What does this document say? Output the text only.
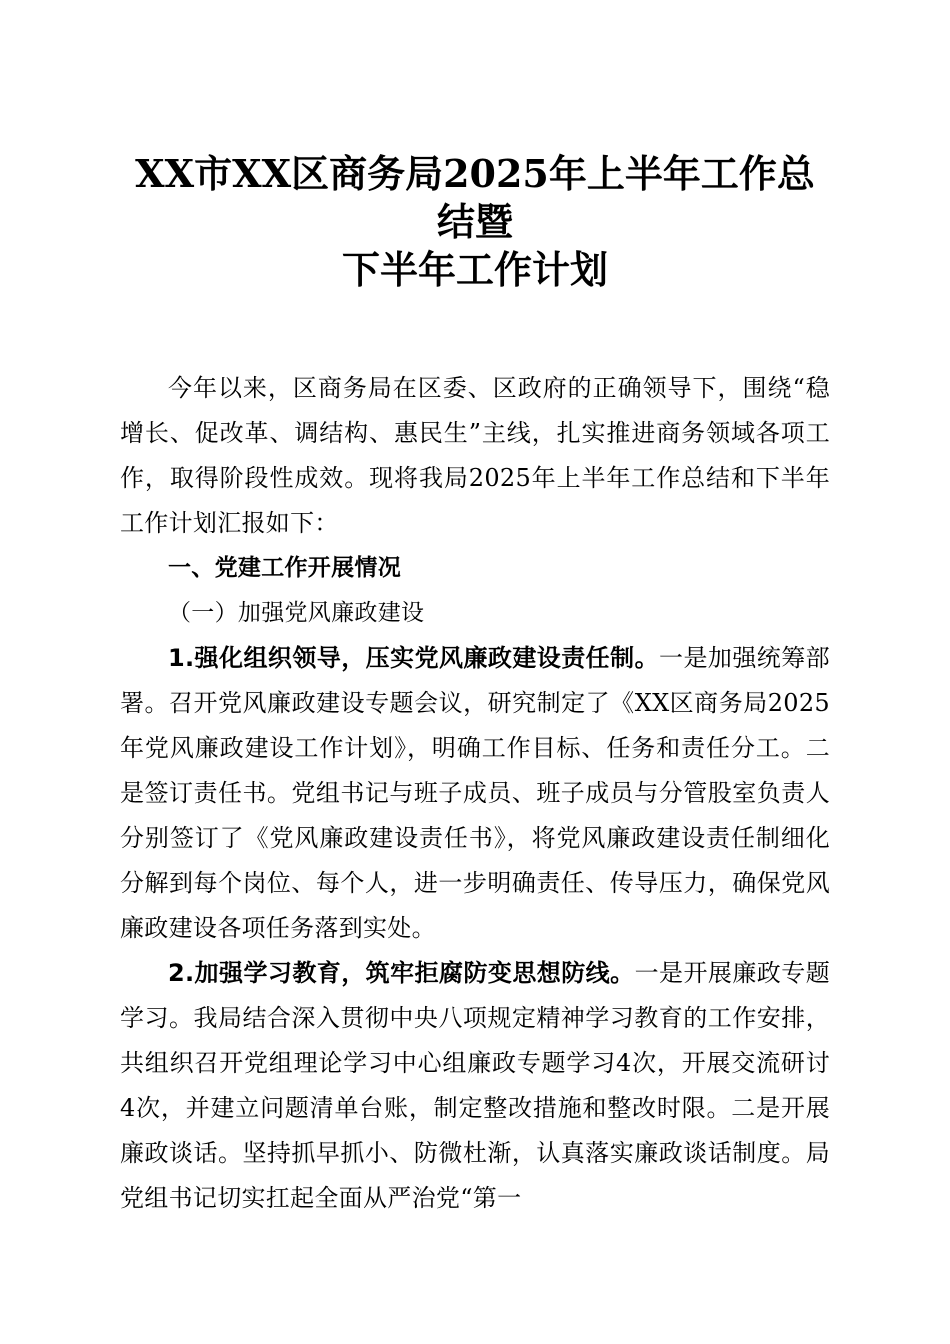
XX市XX区商务局2025年上半年工作总结暨
下半年工作计划

今年以来，区商务局在区委、区政府的正确领导下，围绕“稳增长、促改革、调结构、惠民生”主线，扎实推进商务领域各项工作，取得阶段性成效。现将我局2025年上半年工作总结和下半年工作计划汇报如下：

一、党建工作开展情况

（一）加强党风廉政建设

1.强化组织领导，压实党风廉政建设责任制。一是加强统筹部署。召开党风廉政建设专题会议，研究制定了《XX区商务局2025年党风廉政建设工作计划》，明确工作目标、任务和责任分工。二是签订责任书。党组书记与班子成员、班子成员与分管股室负责人分别签订了《党风廉政建设责任书》，将党风廉政建设责任制细化分解到每个岗位、每个人，进一步明确责任、传导压力，确保党风廉政建设各项任务落到实处。

2.加强学习教育，筑牢拒腐防变思想防线。一是开展廉政专题学习。我局结合深入贯彻中央八项规定精神学习教育的工作安排，共组织召开党组理论学习中心组廉政专题学习4次，开展交流研讨4次，并建立问题清单台账，制定整改措施和整改时限。二是开展廉政谈话。坚持抓早抓小、防微杜渐，认真落实廉政谈话制度。局党组书记切实扛起全面从严治党“第一
